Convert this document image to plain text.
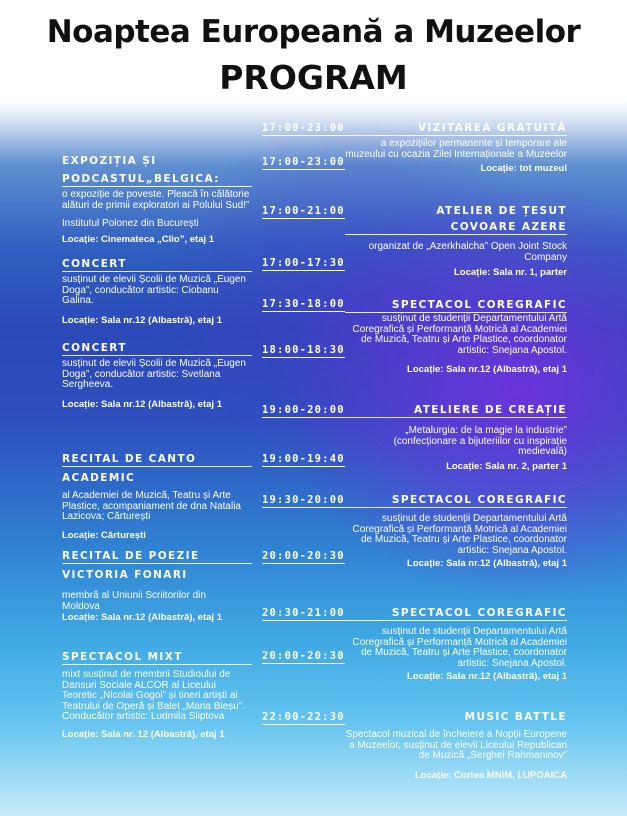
Noaptea Europeană a Muzeelor
PROGRAM
17:00-23:00
17:00-23:00
17:00-21:00
17:00-17:30
17:30-18:00
18:00-18:30
19:00-20:00
19:00-19:40
19:30-20:00
20:00-20:30
20:30-21:00
20:00-20:30
22:00-22:30
EXPOZIȚIA ȘI
PODCASTUL„BELGICA:
o expoziție de poveste. Pleacă în călătorie alături de primii exploratori ai Polului Sud!”
Institutul Polonez din București
Locație: Cinemateca „Clio”, etaj 1
CONCERT
susținut de elevii Școlii de Muzică „Eugen Doga”, conducător artistic: Ciobanu Galina.
Locație: Sala nr.12 (Albastră), etaj 1
CONCERT
susținut de elevii Școlii de Muzică „Eugen Doga”, conducător artistic: Svetlana Sergheeva.
Locație: Sala nr.12 (Albastră), etaj 1
RECITAL DE CANTO
ACADEMIC
al Academiei de Muzică, Teatru și Arte Plastice, acompaniament de dna Natalia Lazicova; Cărturești
Locație: Cărturești
RECITAL DE POEZIE
VICTORIA FONARI
membră al Uniunii Scriitorilor din Moldova
Locație: Sala nr.12 (Albastră), etaj 1
SPECTACOL MIXT
mixt susținut de membrii Studioului de Dansuri Sociale ALCOR al Liceului Teoretic „Nicolai Gogol” și tineri artiști ai Teatrului de Operă și Balet „Maria Bieșu”. Conducător artistic: Ludmila Sliptova
Locație: Sala nr. 12 (Albastră), etaj 1
VIZITAREA GRATUITĂ
a expozițiilor permanente și temporare ale muzeului cu ocazia Zilei Internaționale a Muzeelor
Locație: tot muzeul
ATELIER DE ȚESUT
COVOARE AZERE
organizat de „Azerkhalcha” Open Joint Stock Company
Locație: Sala nr. 1, parter
SPECTACOL COREGRAFIC
susținut de studenții Departamentului Artă Coregrafică și Performanță Motrică al Academiei de Muzică, Teatru și Arte Plastice, coordonator artistic: Snejana Apostol.
Locație: Sala nr.12 (Albastră), etaj 1
ATELIERE DE CREAȚIE
„Metalurgia: de la magie la industrie” (confecționare a bijuteriilor cu inspirație medievală)
Locație: Sala nr. 2, parter 1
SPECTACOL COREGRAFIC
susținut de studenții Departamentului Artă Coregrafică și Performanță Motrică al Academiei de Muzică, Teatru și Arte Plastice, coordonator artistic: Snejana Apostol.
Locație: Sala nr.12 (Albastră), etaj 1
SPECTACOL COREGRAFIC
susținut de studenții Departamentului Artă Coregrafică și Performanță Motrică al Academiei de Muzică, Teatru și Arte Plastice, coordonator artistic: Snejana Apostol.
Locație: Sala nr.12 (Albastră), etaj 1
MUSIC BATTLE
Spectacol muzical de încheiere a Nopții Europene a Muzeelor, susținut de elevii Liceului Republican de Muzică „Serghei Rahmaninov”
Locație: Curtea MNIM, LUPOAICA
